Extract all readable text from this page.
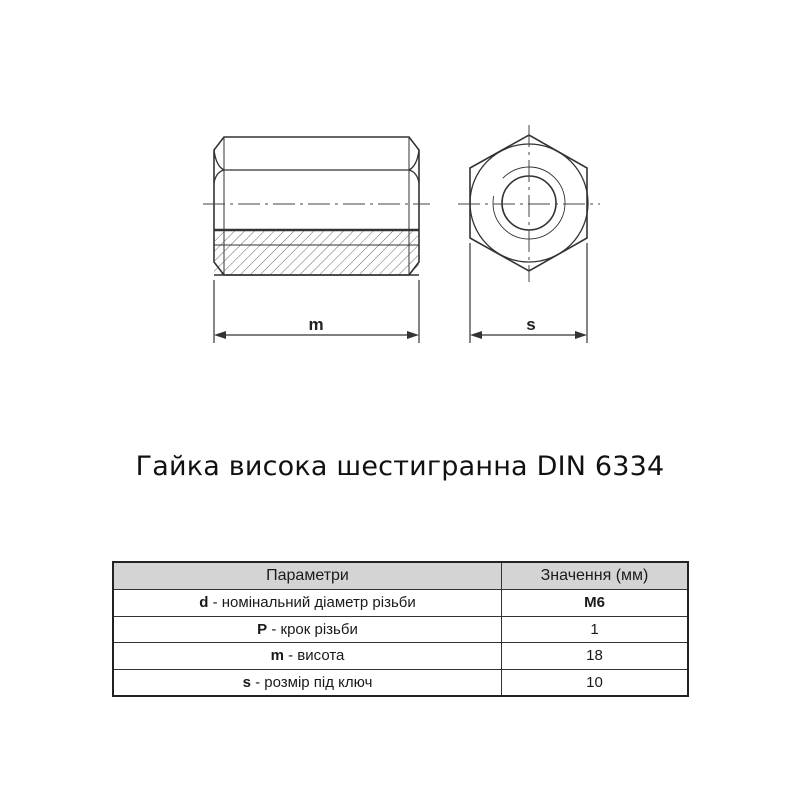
m	s
Гайка висока шестигранна DIN 6334
Параметри	Значення (мм)
d - номінальний діаметр різьби	M6
P - крок різьби	1
m - висота	18
s - розмір під ключ	10
